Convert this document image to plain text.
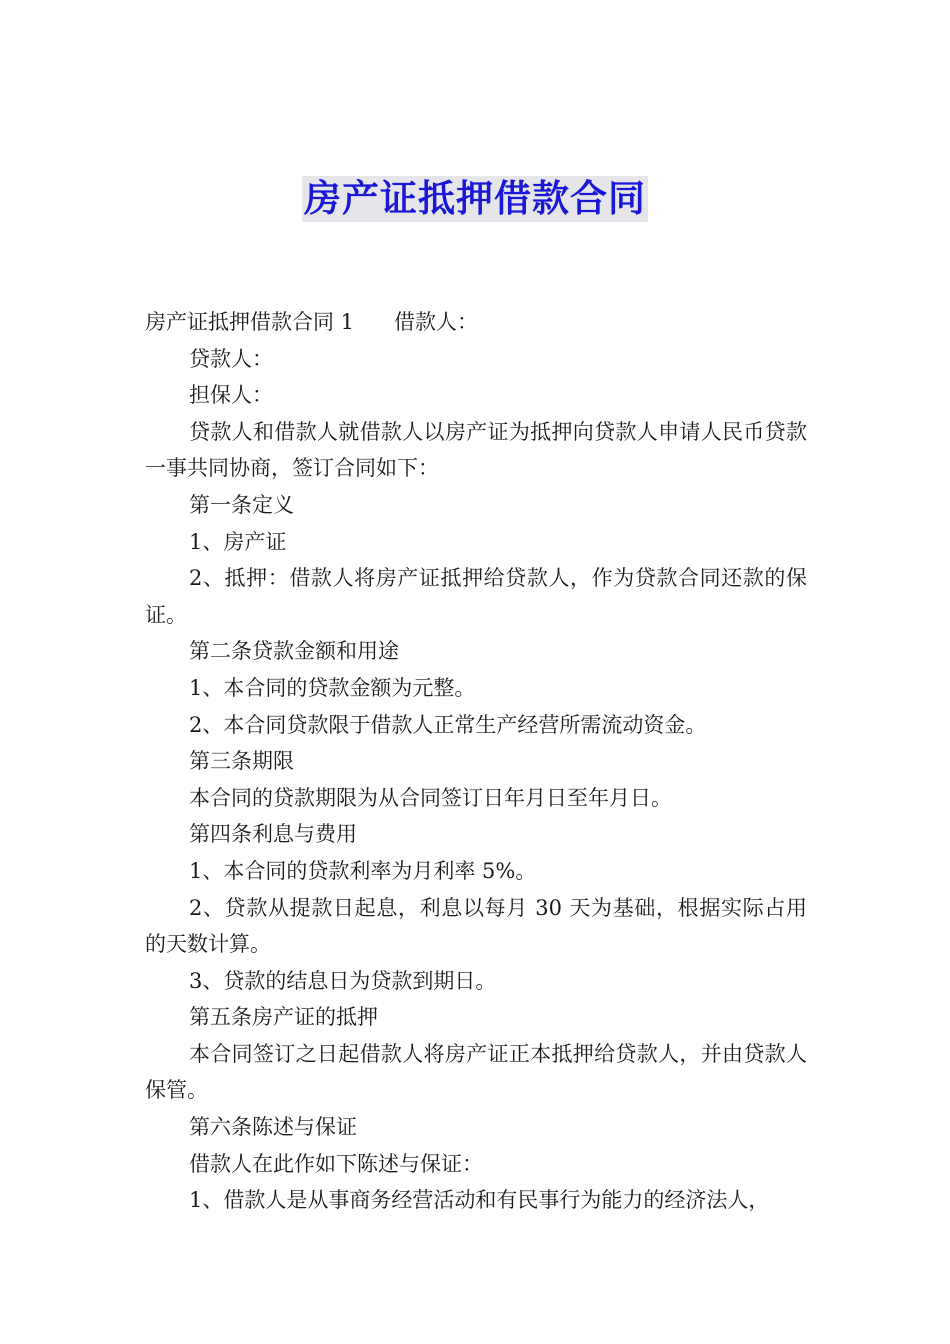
房产证抵押借款合同

房产证抵押借款合同 1 借款人：

贷款人：

担保人：

贷款人和借款人就借款人以房产证为抵押向贷款人申请人民币贷款一事共同协商，签订合同如下：

第一条定义

1、房产证

2、抵押：借款人将房产证抵押给贷款人，作为贷款合同还款的保证。

第二条贷款金额和用途

1、本合同的贷款金额为元整。

2、本合同贷款限于借款人正常生产经营所需流动资金。

第三条期限

本合同的贷款期限为从合同签订日年月日至年月日。

第四条利息与费用

1、本合同的贷款利率为月利率 5%。

2、贷款从提款日起息，利息以每月 30 天为基础，根据实际占用的天数计算。

3、贷款的结息日为贷款到期日。

第五条房产证的抵押

本合同签订之日起借款人将房产证正本抵押给贷款人，并由贷款人保管。

第六条陈述与保证

借款人在此作如下陈述与保证：

1、借款人是从事商务经营活动和有民事行为能力的经济法人，
